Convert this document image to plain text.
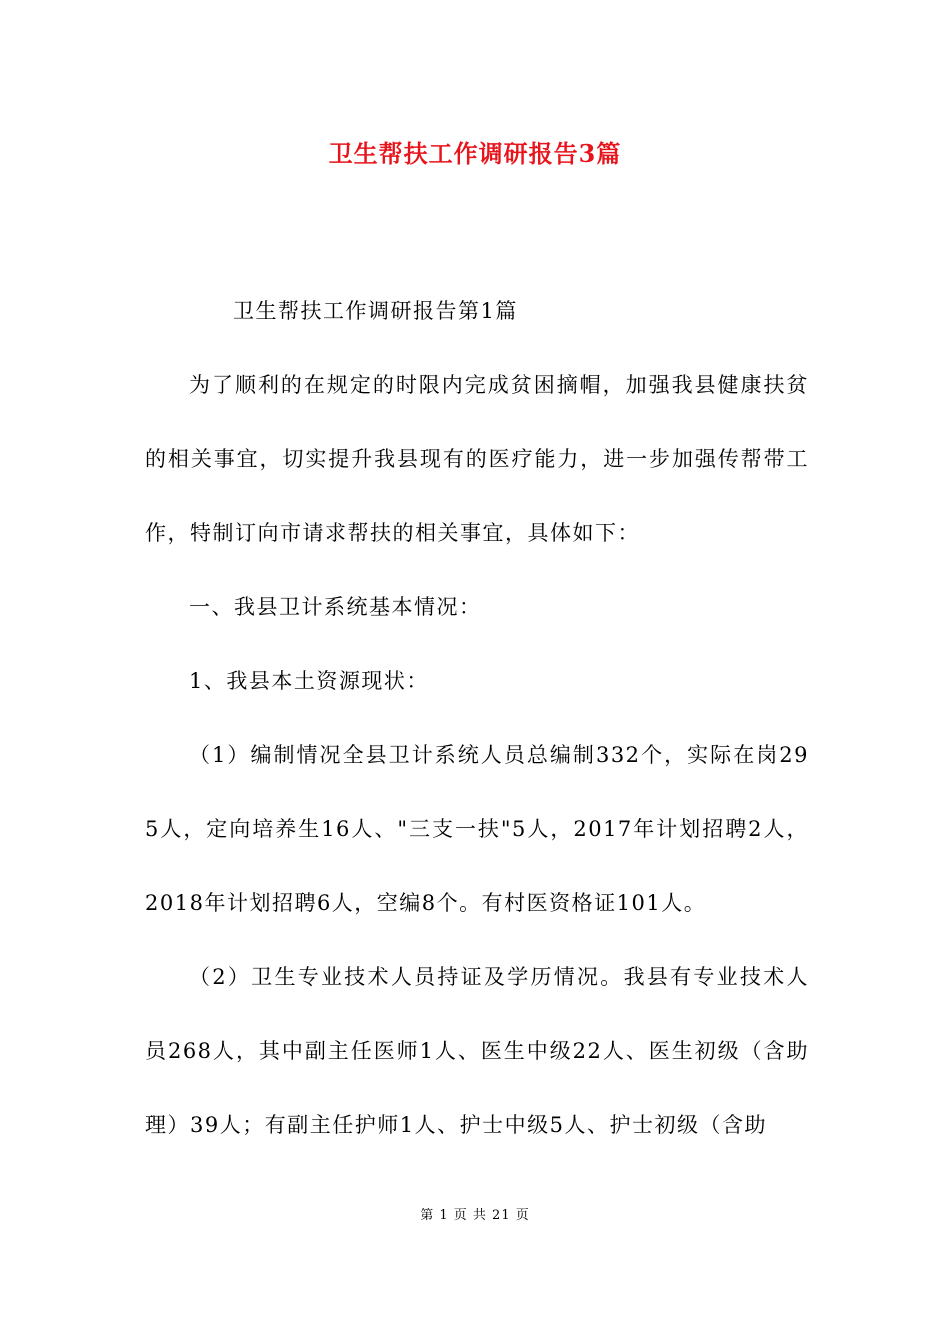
卫生帮扶工作调研报告3篇

卫生帮扶工作调研报告第1篇

为了顺利的在规定的时限内完成贫困摘帽，加强我县健康扶贫的相关事宜，切实提升我县现有的医疗能力，进一步加强传帮带工作，特制订向市请求帮扶的相关事宜，具体如下：

一、我县卫计系统基本情况：

1、我县本土资源现状：

（1）编制情况全县卫计系统人员总编制332个，实际在岗295人，定向培养生16人、"三支一扶"5人，2017年计划招聘2人，2018年计划招聘6人，空编8个。有村医资格证101人。

（2）卫生专业技术人员持证及学历情况。我县有专业技术人员268人，其中副主任医师1人、医生中级22人、医生初级（含助理）39人；有副主任护师1人、护士中级5人、护士初级（含助

第 1 页 共 21 页
